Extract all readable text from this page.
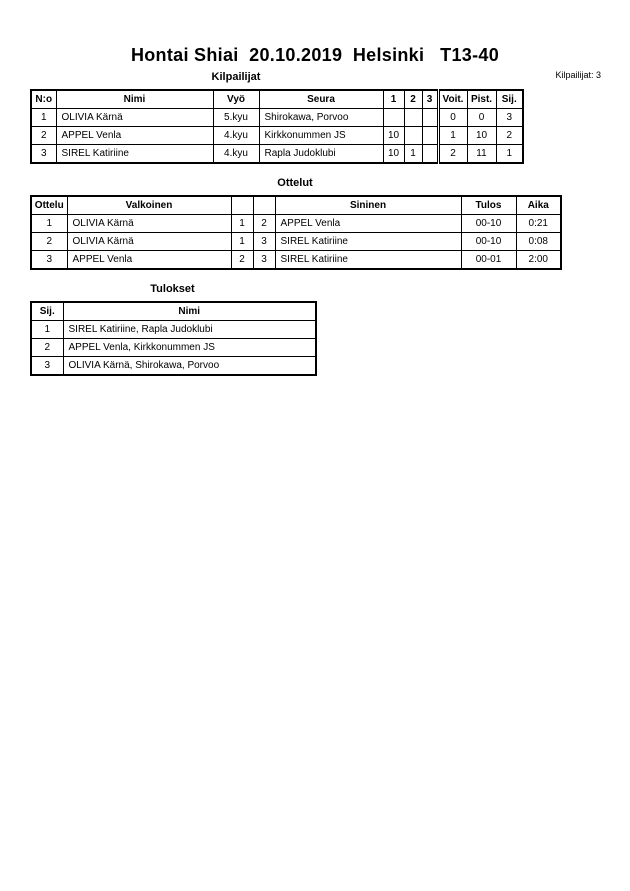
Hontai Shiai  20.10.2019  Helsinki   T13-40
Kilpailijat	Kilpailijat: 3
N:o	Nimi	Vyö	Seura	1	2	3	Voit.	Pist.	Sij.
1	OLIVIA Kärnä	5.kyu	Shirokawa, Porvoo				0	0	3
2	APPEL Venla	4.kyu	Kirkkonummen JS	10			1	10	2
3	SIREL Katiriine	4.kyu	Rapla Judoklubi	10	1		2	11	1
Ottelut
Ottelu	Valkoinen			Sininen	Tulos	Aika
1	OLIVIA Kärnä	1	2	APPEL Venla	00-10	0:21
2	OLIVIA Kärnä	1	3	SIREL Katiriine	00-10	0:08
3	APPEL Venla	2	3	SIREL Katiriine	00-01	2:00
Tulokset
Sij.	Nimi
1	SIREL Katiriine, Rapla Judoklubi
2	APPEL Venla, Kirkkonummen JS
3	OLIVIA Kärnä, Shirokawa, Porvoo
